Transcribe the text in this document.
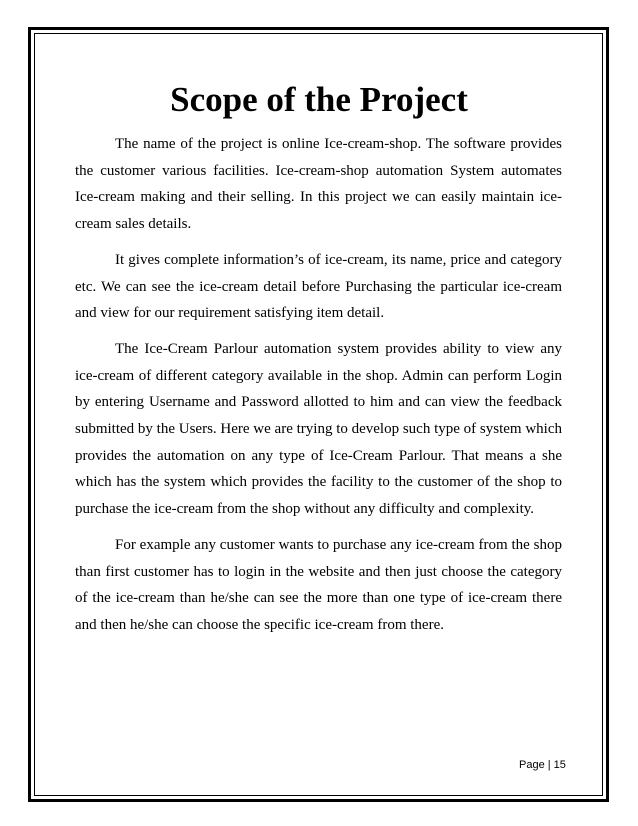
Scope of the Project

The name of the project is online Ice-cream-shop. The software provides the customer various facilities. Ice-cream-shop automation System automates Ice-cream making and their selling. In this project we can easily maintain ice-cream sales details.

It gives complete information’s of ice-cream, its name, price and category etc. We can see the ice-cream detail before Purchasing the particular ice-cream and view for our requirement satisfying item detail.

The Ice-Cream Parlour automation system provides ability to view any ice-cream of different category available in the shop. Admin can perform Login by entering Username and Password allotted to him and can view the feedback submitted by the Users. Here we are trying to develop such type of system which provides the automation on any type of Ice-Cream Parlour. That means a she which has the system which provides the facility to the customer of the shop to purchase the ice-cream from the shop without any difficulty and complexity.

For example any customer wants to purchase any ice-cream from the shop than first customer has to login in the website and then just choose the category of the ice-cream than he/she can see the more than one type of ice-cream there and then he/she can choose the specific ice-cream from there.

Page | 15
